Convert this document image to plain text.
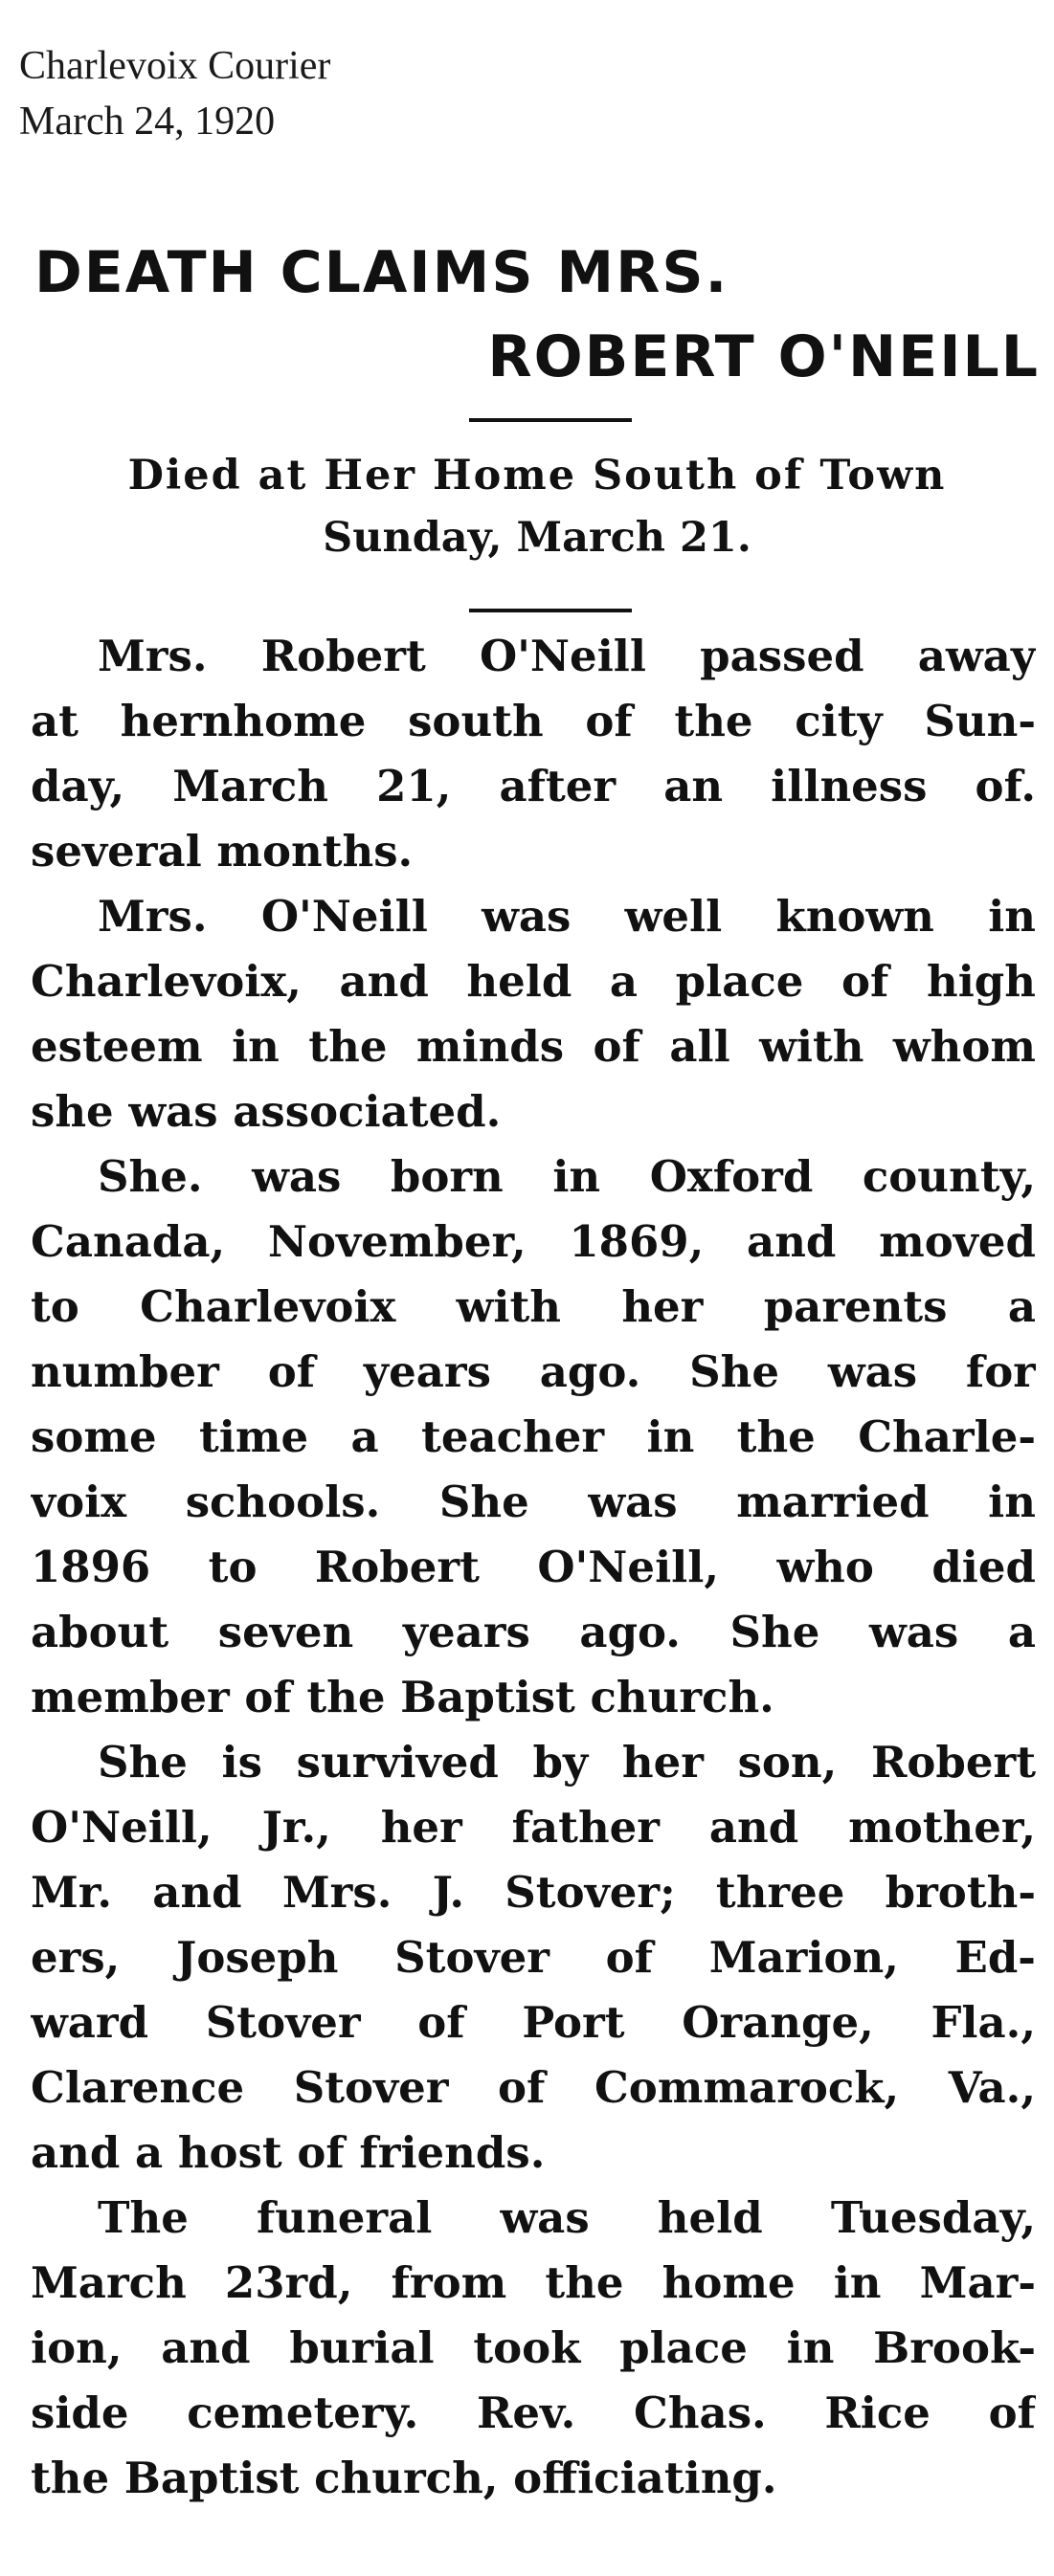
Charlevoix Courier
March 24, 1920
DEATH CLAIMS MRS.
ROBERT O'NEILL
Died at Her Home South of Town
Sunday, March 21.
Mrs. Robert O'Neill passed away
at hernhome south of the city Sun-
day, March 21, after an illness of.
several months.
Mrs. O'Neill was well known in
Charlevoix, and held a place of high
esteem in the minds of all with whom
she was associated.
She. was born in Oxford county,
Canada, November, 1869, and moved
to Charlevoix with her parents a
number of years ago. She was for
some time a teacher in the Charle-
voix schools. She was married in
1896 to Robert O'Neill, who died
about seven years ago. She was a
member of the Baptist church.
She is survived by her son, Robert
O'Neill, Jr., her father and mother,
Mr. and Mrs. J. Stover; three broth-
ers, Joseph Stover of Marion, Ed-
ward Stover of Port Orange, Fla.,
Clarence Stover of Commarock, Va.,
and a host of friends.
The funeral was held Tuesday,
March 23rd, from the home in Mar-
ion, and burial took place in Brook-
side cemetery. Rev. Chas. Rice of
the Baptist church, officiating.
